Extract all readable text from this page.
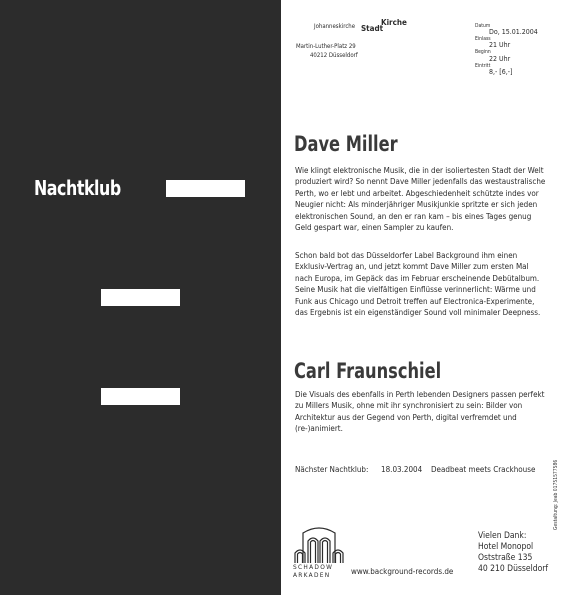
Nachtklub
Johanneskirche Stadt
Kirche
Martin-Luther-Platz 29
40212 Düsseldorf
Datum
Do, 15.01.2004
Einlass
21 Uhr
Beginn
22 Uhr
Eintritt
8,- [6,-]
Dave Miller
Wie klingt elektronische Musik, die in der isoliertesten Stadt der Welt produziert wird? So nennt Dave Miller jedenfalls das westaustralische Perth, wo er lebt und arbeitet. Abgeschiedenheit schützte indes vor Neugier nicht: Als minderjähriger Musikjunkie spritzte er sich jeden elektronischen Sound, an den er ran kam – bis eines Tages genug Geld gespart war, einen Sampler zu kaufen.
Schon bald bot das Düsseldorfer Label Background ihm einen Exklusiv-Vertrag an, und jetzt kommt Dave Miller zum ersten Mal nach Europa, im Gepäck das im Februar erscheinende Debütalbum. Seine Musik hat die vielfältigen Einflüsse verinnerlicht: Wärme und Funk aus Chicago und Detroit treffen auf Electronica-Experimente, das Ergebnis ist ein eigenständiger Sound voll minimaler Deepness.
Carl Fraunschiel
Die Visuals des ebenfalls in Perth lebenden Designers passen perfekt zu Millers Musik, ohne mit ihr synchronisiert zu sein: Bilder von Architektur aus der Gegend von Perth, digital verfremdet und (re-)animiert.
Nächster Nachtklub: 18.03.2004 Deadbeat meets Crackhouse	Gestaltung: Jeab 01751577586
SCHADOW
ARKADEN	www.background-records.de
Vielen Dank:
Hotel Monopol
Oststraße 135
40 210 Düsseldorf
